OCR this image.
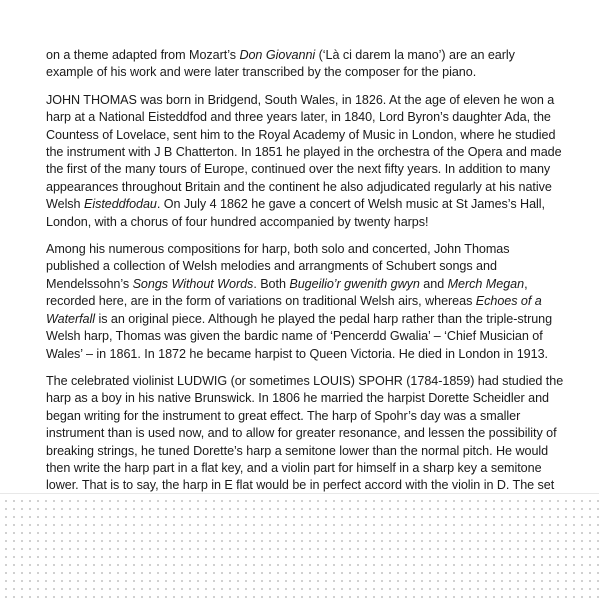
on a theme adapted from Mozart’s Don Giovanni (‘Là ci darem la mano’) are an early example of his work and were later transcribed by the composer for the piano.

JOHN THOMAS was born in Bridgend, South Wales, in 1826. At the age of eleven he won a harp at a National Eisteddfod and three years later, in 1840, Lord Byron’s daughter Ada, the Countess of Lovelace, sent him to the Royal Academy of Music in London, where he studied the instrument with J B Chatterton. In 1851 he played in the orchestra of the Opera and made the first of the many tours of Europe, continued over the next fifty years. In addition to many appearances throughout Britain and the continent he also adjudicated regularly at his native Welsh Eisteddfodau. On July 4 1862 he gave a concert of Welsh music at St James’s Hall, London, with a chorus of four hundred accompanied by twenty harps!

Among his numerous compositions for harp, both solo and concerted, John Thomas published a collection of Welsh melodies and arrangments of Schubert songs and Mendelssohn’s Songs Without Words. Both Bugeilio’r gwenith gwyn and Merch Megan, recorded here, are in the form of variations on traditional Welsh airs, whereas Echoes of a Waterfall is an original piece. Although he played the pedal harp rather than the triple-strung Welsh harp, Thomas was given the bardic name of ‘Pencerdd Gwalia’ – ‘Chief Musician of Wales’ – in 1861. In 1872 he became harpist to Queen Victoria. He died in London in 1913.

The celebrated violinist LUDWIG (or sometimes LOUIS) SPOHR (1784-1859) had studied the harp as a boy in his native Brunswick. In 1806 he married the harpist Dorette Scheidler and began writing for the instrument to great effect. The harp of Spohr’s day was a smaller instrument than is used now, and to allow for greater resonance, and lessen the possibility of breaking strings, he tuned Dorette’s harp a semitone lower than the normal pitch. He would then write the harp part in a flat key, and a violin part for himself in a sharp key a semitone lower. That is to say, the harp in E flat would be in perfect accord with the violin in D. The set
